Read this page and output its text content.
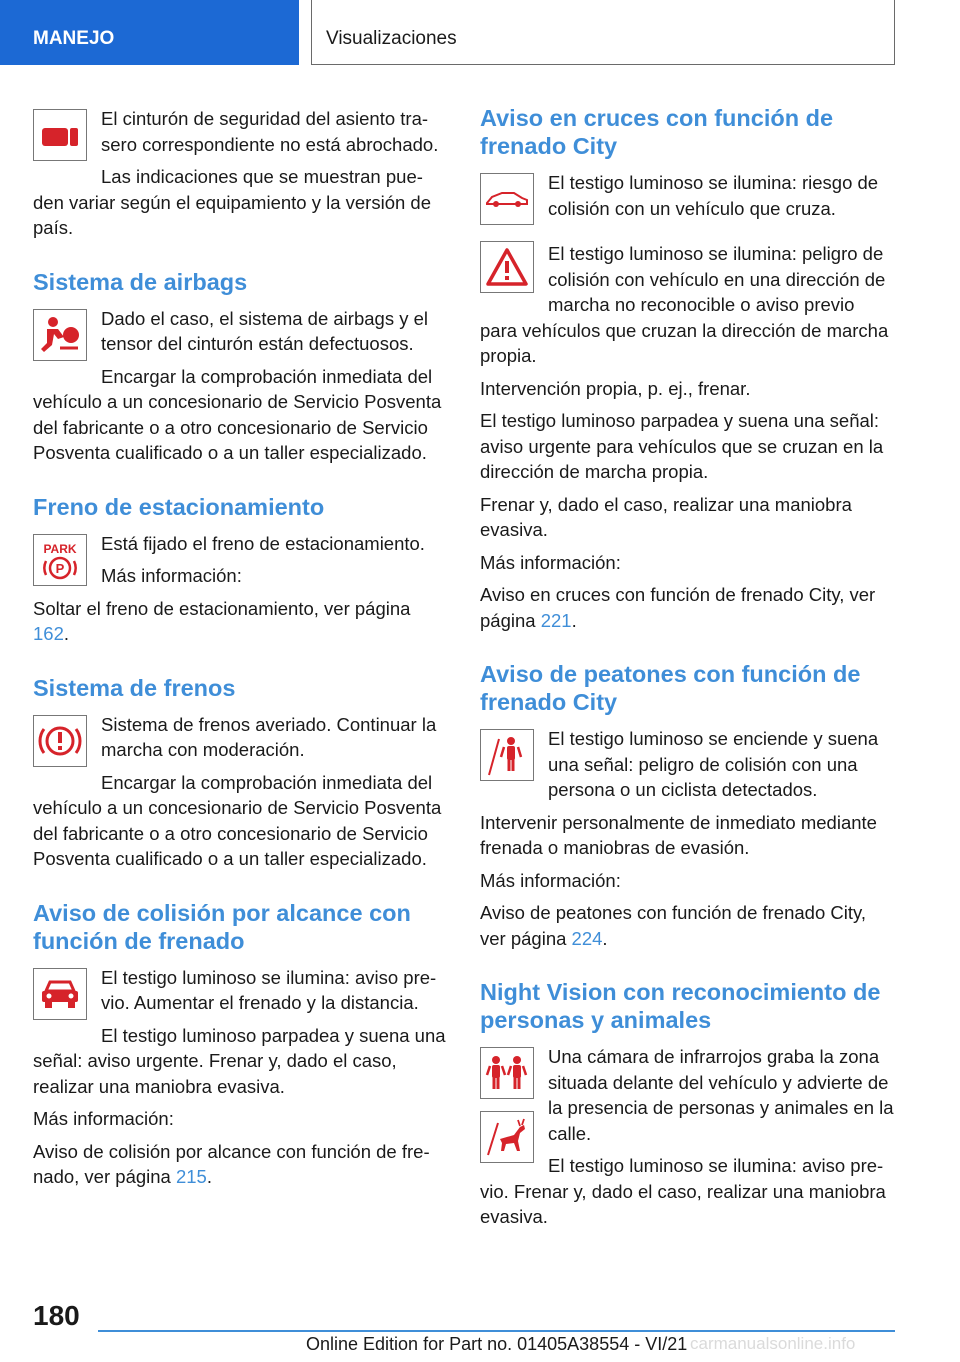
MANEJO	Visualizaciones

El cinturón de seguridad del asiento trasero correspondiente no está abrochado.

Las indicaciones que se muestran pueden variar según el equipamiento y la versión de país.

Sistema de airbags

Dado el caso, el sistema de airbags y el tensor del cinturón están defectuosos.

Encargar la comprobación inmediata del vehículo a un concesionario de Servicio Posventa del fabricante o a otro concesionario de Servicio Posventa cualificado o a un taller especializado.

Freno de estacionamiento
PARK
P

Está fijado el freno de estacionamiento.

Más información:

Soltar el freno de estacionamiento, ver página 162.

Sistema de frenos

Sistema de frenos averiado. Continuar la marcha con moderación.

Encargar la comprobación inmediata del vehículo a un concesionario de Servicio Posventa del fabricante o a otro concesionario de Servicio Posventa cualificado o a un taller especializado.

Aviso de colisión por alcance con función de frenado

El testigo luminoso se ilumina: aviso previo. Aumentar el frenado y la distancia.

El testigo luminoso parpadea y suena una señal: aviso urgente. Frenar y, dado el caso, realizar una maniobra evasiva.

Más información:

Aviso de colisión por alcance con función de frenado, ver página 215.

Aviso en cruces con función de frenado City

El testigo luminoso se ilumina: riesgo de colisión con un vehículo que cruza.

El testigo luminoso se ilumina: peligro de colisión con vehículo en una dirección de marcha no reconocible o aviso previo para vehículos que cruzan la dirección de marcha propia.

Intervención propia, p. ej., frenar.

El testigo luminoso parpadea y suena una señal: aviso urgente para vehículos que se cruzan en la dirección de marcha propia.

Frenar y, dado el caso, realizar una maniobra evasiva.

Más información:

Aviso en cruces con función de frenado City, ver página 221.

Aviso de peatones con función de frenado City

El testigo luminoso se enciende y suena una señal: peligro de colisión con una persona o un ciclista detectados.

Intervenir personalmente de inmediato mediante frenada o maniobras de evasión.

Más información:

Aviso de peatones con función de frenado City, ver página 224.

Night Vision con reconocimiento de personas y animales

Una cámara de infrarrojos graba la zona situada delante del vehículo y advierte de la presencia de personas y animales en la calle.

El testigo luminoso se ilumina: aviso previo. Frenar y, dado el caso, realizar una maniobra evasiva.

180
Online Edition for Part no. 01405A38554 - VI/21 carmanualsonline.info
